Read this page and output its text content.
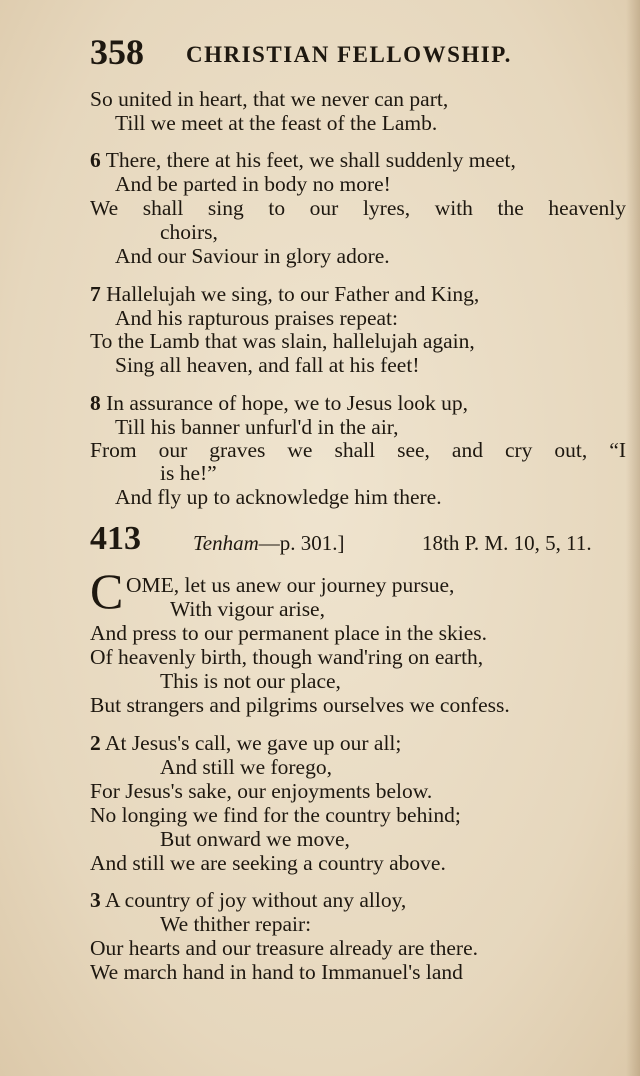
358 CHRISTIAN FELLOWSHIP.
So united in heart, that we never can part,
Till we meet at the feast of the Lamb.
6 There, there at his feet, we shall suddenly meet,
And be parted in body no more!
We shall sing to our lyres, with the heavenly
choirs,
And our Saviour in glory adore.
7 Hallelujah we sing, to our Father and King,
And his rapturous praises repeat:
To the Lamb that was slain, hallelujah again,
Sing all heaven, and fall at his feet!
8 In assurance of hope, we to Jesus look up,
Till his banner unfurl'd in the air,
From our graves we shall see, and cry out, “I
is he!”
And fly up to acknowledge him there.
413 Tenham—p. 301.]	18th P. M. 10, 5, 11.
C OME, let us anew our journey pursue,
With vigour arise,
And press to our permanent place in the skies.
Of heavenly birth, though wand'ring on earth,
This is not our place,
But strangers and pilgrims ourselves we confess.
2 At Jesus's call, we gave up our all;
And still we forego,
For Jesus's sake, our enjoyments below.
No longing we find for the country behind;
But onward we move,
And still we are seeking a country above.
3 A country of joy without any alloy,
We thither repair:
Our hearts and our treasure already are there.
We march hand in hand to Immanuel's land
